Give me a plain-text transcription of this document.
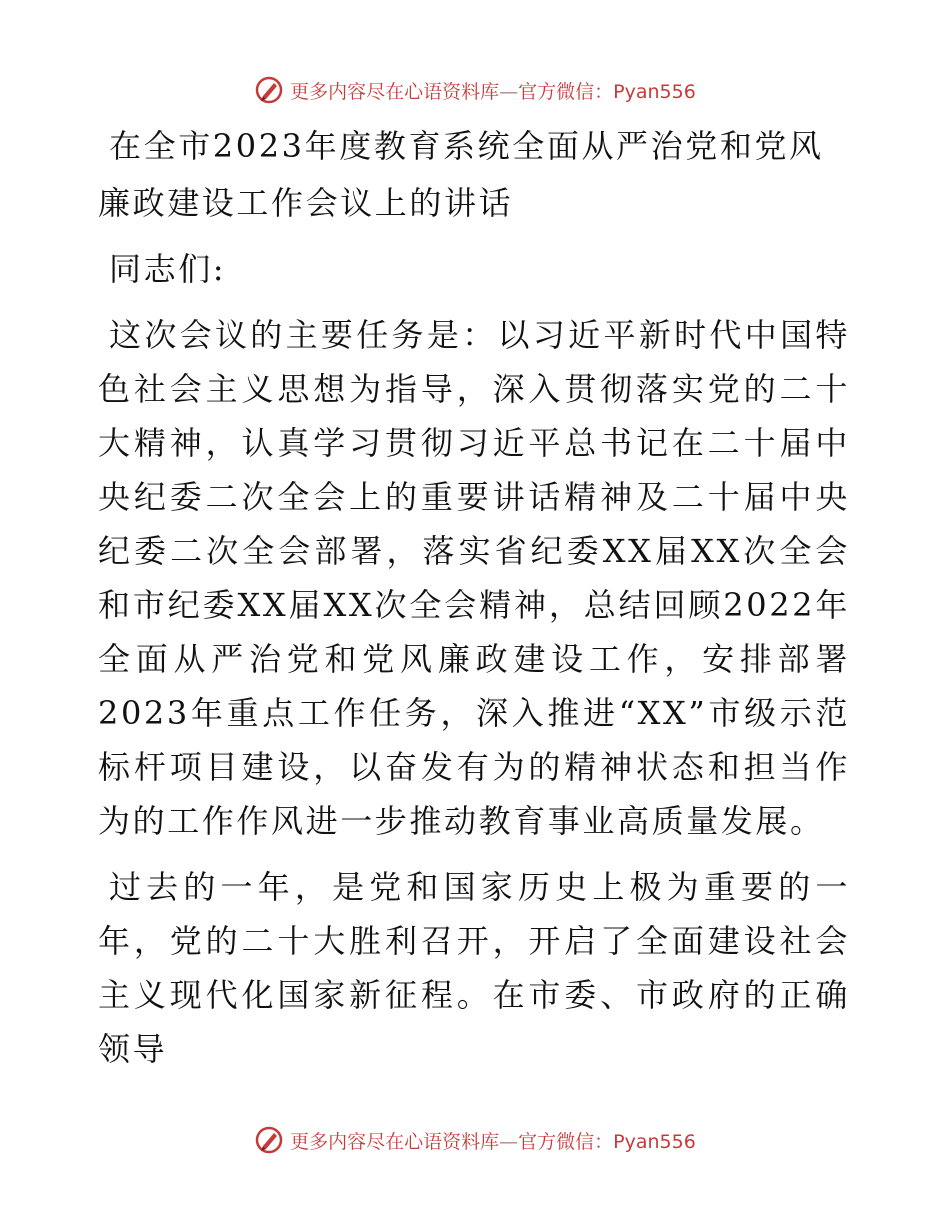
更多内容尽在心语资料库—官方微信：Pyan556
在全市2023年度教育系统全面从严治党和党风廉政建设工作会议上的讲话

同志们:

这次会议的主要任务是：以习近平新时代中国特色社会主义思想为指导，深入贯彻落实党的二十大精神，认真学习贯彻习近平总书记在二十届中央纪委二次全会上的重要讲话精神及二十届中央纪委二次全会部署，落实省纪委XX届XX次全会和市纪委XX届XX次全会精神，总结回顾2022年全面从严治党和党风廉政建设工作，安排部署2023年重点工作任务，深入推进“XX”市级示范标杆项目建设，以奋发有为的精神状态和担当作为的工作作风进一步推动教育事业高质量发展。

过去的一年，是党和国家历史上极为重要的一年，党的二十大胜利召开，开启了全面建设社会主义现代化国家新征程。在市委、市政府的正确领导

更多内容尽在心语资料库—官方微信：Pyan556
